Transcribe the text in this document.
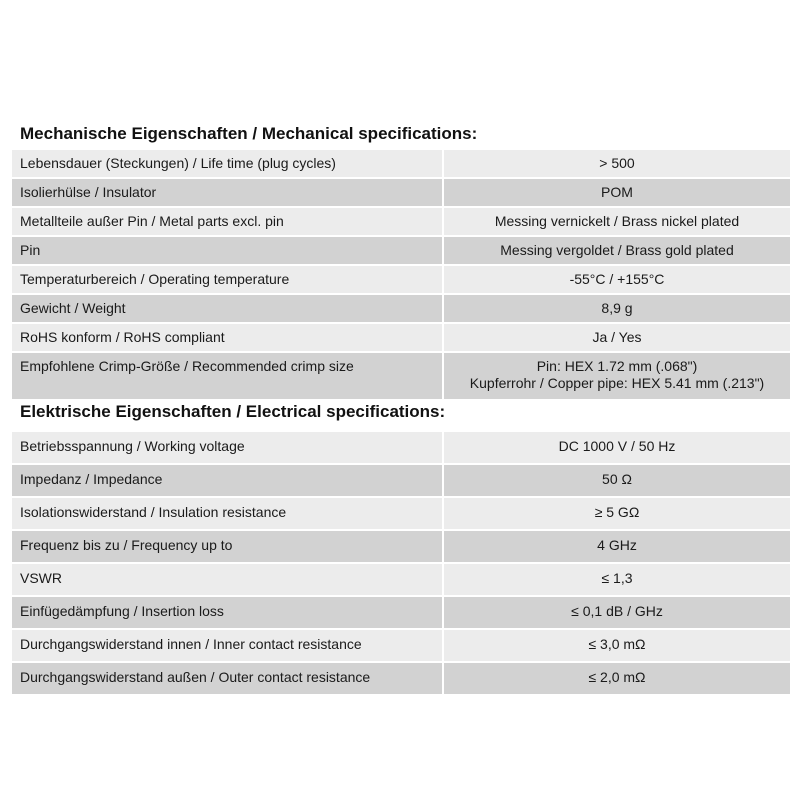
Mechanische Eigenschaften / Mechanical specifications:
Lebensdauer (Steckungen) / Life time (plug cycles)	> 500
Isolierhülse / Insulator	POM
Metallteile außer Pin / Metal parts excl. pin	Messing vernickelt / Brass nickel plated
Pin	Messing vergoldet / Brass gold plated
Temperaturbereich / Operating temperature	-55°C / +155°C
Gewicht / Weight	8,9 g
RoHS konform / RoHS compliant	Ja / Yes
Empfohlene Crimp-Größe / Recommended crimp size	Pin: HEX 1.72 mm (.068")
Kupferrohr / Copper pipe: HEX 5.41 mm (.213")
Elektrische Eigenschaften / Electrical specifications:
Betriebsspannung / Working voltage	DC 1000 V / 50 Hz
Impedanz / Impedance	50 Ω
Isolationswiderstand / Insulation resistance	≥ 5 GΩ
Frequenz bis zu / Frequency up to	4 GHz
VSWR	≤ 1,3
Einfügedämpfung / Insertion loss	≤ 0,1 dB / GHz
Durchgangswiderstand innen / Inner contact resistance	≤ 3,0 mΩ
Durchgangswiderstand außen / Outer contact resistance	≤ 2,0 mΩ
